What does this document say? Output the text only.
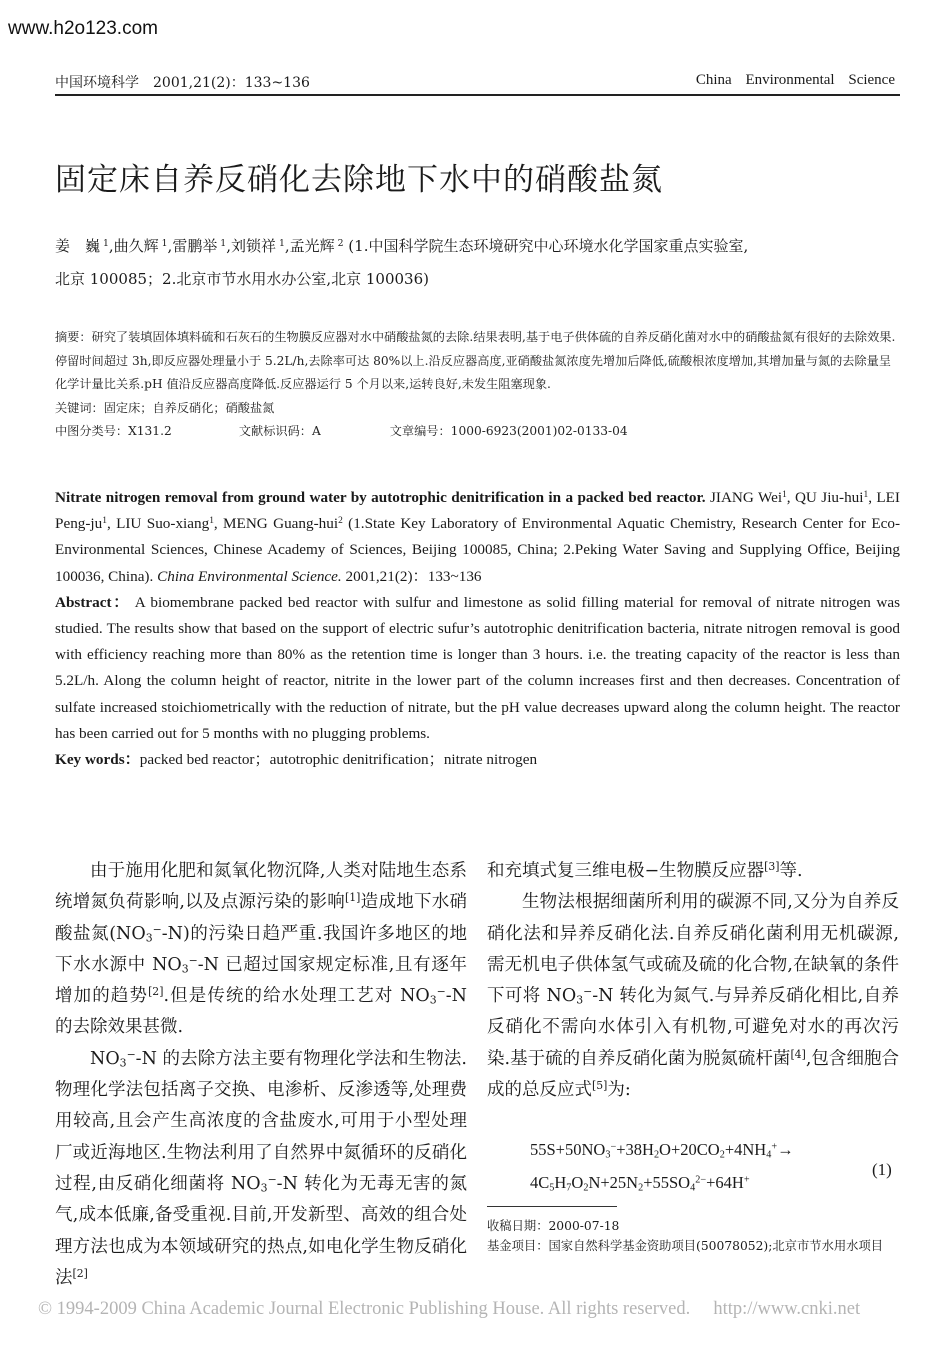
www.h2o123.com
中国环境科学　2001,21(2)：133~136	China Environmental Science
固定床自养反硝化去除地下水中的硝酸盐氮
姜　巍 $^1$,曲久辉 $^1$,雷鹏举 $^1$,刘锁祥 $^1$,孟光辉 $^2$ (1.中国科学院生态环境研究中心环境水化学国家重点实验室,
北京 100085；2.北京市节水用水办公室,北京 100036)

摘要：研究了装填固体填料硫和石灰石的生物膜反应器对水中硝酸盐氮的去除.结果表明,基于电子供体硫的自养反硝化菌对水中的硝酸盐氮有很好的去除效果.停留时间超过 3h,即反应器处理量小于 5.2L/h,去除率可达 80%以上.沿反应器高度,亚硝酸盐氮浓度先增加后降低,硫酸根浓度增加,其增加量与氮的去除量呈化学计量比关系.pH 值沿反应器高度降低.反应器运行 5 个月以来,运转良好,未发生阻塞现象.

关键词：固定床；自养反硝化；硝酸盐氮

中图分类号：X131.2	文献标识码：A	文章编号：1000-6923(2001)02-0133-04

Nitrate nitrogen removal from ground water by autotrophic denitrification in a packed bed reactor. JIANG Wei$^1$, QU Jiu-hui$^1$, LEI Peng-$ju^1$, LIU Suo-xiang$^1$, MENG Guang-hui$^2$ (1.State Key Laboratory of Environmental Aquatic Chemistry, Research Center for Eco-Environmental Sciences, Chinese Academy of Sciences, Beijing 100085, China; 2.Peking Water Saving and Supplying Office, Beijing 100036, China). China Environmental Science. 2001,21(2)：133~136

Abstract： A biomembrane packed bed reactor with sulfur and limestone as solid filling material for removal of nitrate nitrogen was studied. The results show that based on the support of electric sufur’s autotrophic denitrification bacteria, nitrate nitrogen removal is good with efficiency reaching more than 80% as the retention time is longer than 3 hours. i.e. the treating capacity of the reactor is less than 5.2L/h. Along the column height of reactor, nitrite in the lower part of the column increases first and then decreases. Concentration of sulfate increased stoichiometrically with the reduction of nitrate, but the pH value decreases upward along the column height. The reactor has been carried out for 5 months with no plugging problems.

Key words：packed bed reactor；autotrophic denitrification；nitrate nitrogen

由于施用化肥和氮氧化物沉降,人类对陆地生态系统增氮负荷影响,以及点源污染的影响[1]造成地下水硝酸盐氮$(NO_3^--N)$的污染日趋严重.我国许多地区的地下水水源中 $NO_3^--N$ 已超过国家规定标准,且有逐年增加的趋势[2].但是传统的给水处理工艺对 $NO_3^--N$ 的去除效果甚微.

$NO_3^--N$ 的去除方法主要有物理化学法和生物法.物理化学法包括离子交换、电渗析、反渗透等,处理费用较高,且会产生高浓度的含盐废水,可用于小型处理厂或近海地区.生物法利用了自然界中氮循环的反硝化过程,由反硝化细菌将 $NO_3^--N$ 转化为无毒无害的氮气,成本低廉,备受重视.目前,开发新型、高效的组合处理方法也成为本领域研究的热点,如电化学生物反硝化法[2]

和充填式复三维电极−生物膜反应器[3]等.

生物法根据细菌所利用的碳源不同,又分为自养反硝化法和异养反硝化法.自养反硝化菌利用无机碳源,需无机电子供体氢气或硫及硫的化合物,在缺氧的条件下可将 $NO_3^--N$ 转化为氮气.与异养反硝化相比,自养反硝化不需向水体引入有机物,可避免对水的再次污染.基于硫的自养反硝化菌为脱氮硫杆菌[4],包含细胞合成的总反应式[5]为:

$55S+50NO_3^-+38H_2O+20CO_2+4NH_4^+\to$
$4C_5H_7O_2N+25N_2+55SO_4^{2-}+64H^+$
(1)

收稿日期：2000-07-18

基金项目：国家自然科学基金资助项目(50078052);北京市节水用水项目

© 1994-2009 China Academic Journal Electronic Publishing House. All rights reserved.　 http://www.cnki.net
